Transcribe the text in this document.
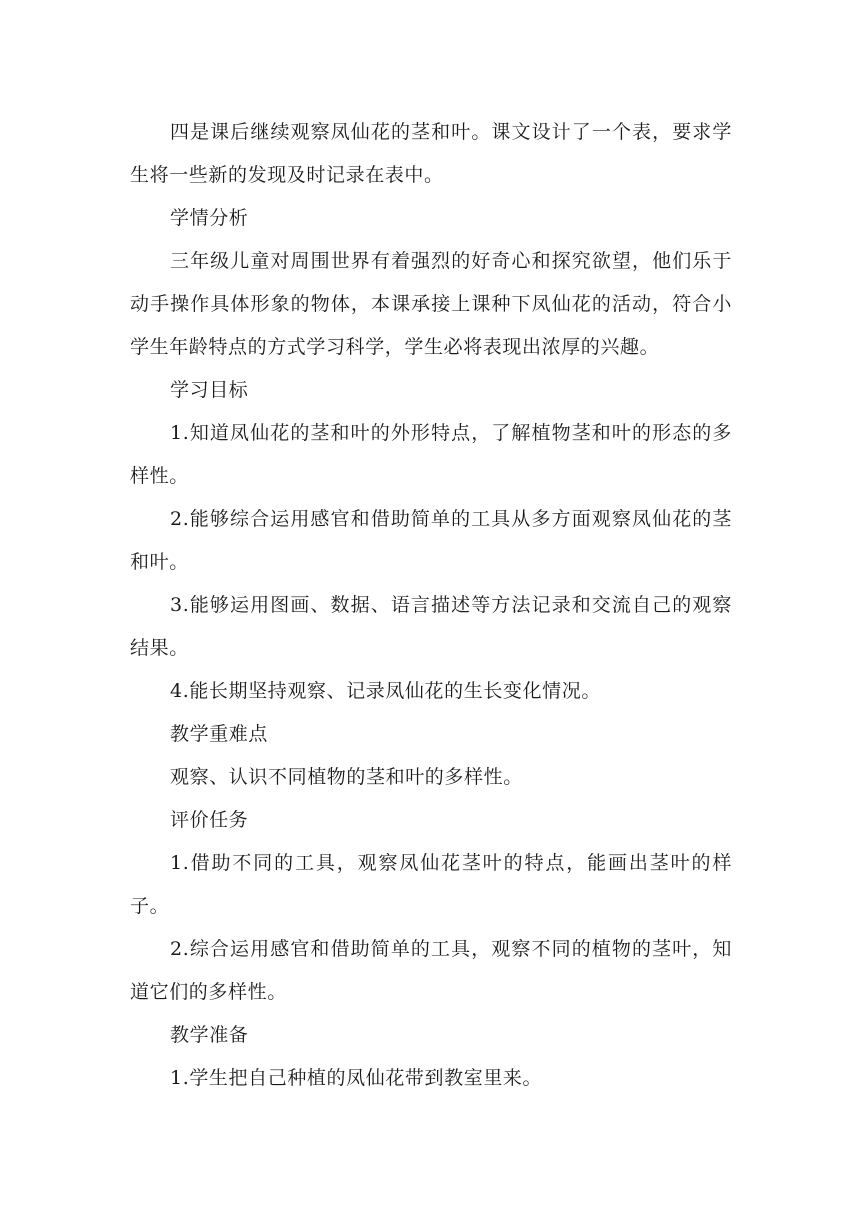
四是课后继续观察凤仙花的茎和叶。课文设计了一个表，要求学生将一些新的发现及时记录在表中。

学情分析

三年级儿童对周围世界有着强烈的好奇心和探究欲望，他们乐于动手操作具体形象的物体，本课承接上课种下凤仙花的活动，符合小学生年龄特点的方式学习科学，学生必将表现出浓厚的兴趣。

学习目标

1.知道凤仙花的茎和叶的外形特点，了解植物茎和叶的形态的多样性。

2.能够综合运用感官和借助简单的工具从多方面观察凤仙花的茎和叶。

3.能够运用图画、数据、语言描述等方法记录和交流自己的观察结果。

4.能长期坚持观察、记录凤仙花的生长变化情况。

教学重难点

观察、认识不同植物的茎和叶的多样性。

评价任务

1.借助不同的工具，观察凤仙花茎叶的特点，能画出茎叶的样子。

2.综合运用感官和借助简单的工具，观察不同的植物的茎叶，知道它们的多样性。

教学准备

1.学生把自己种植的凤仙花带到教室里来。
